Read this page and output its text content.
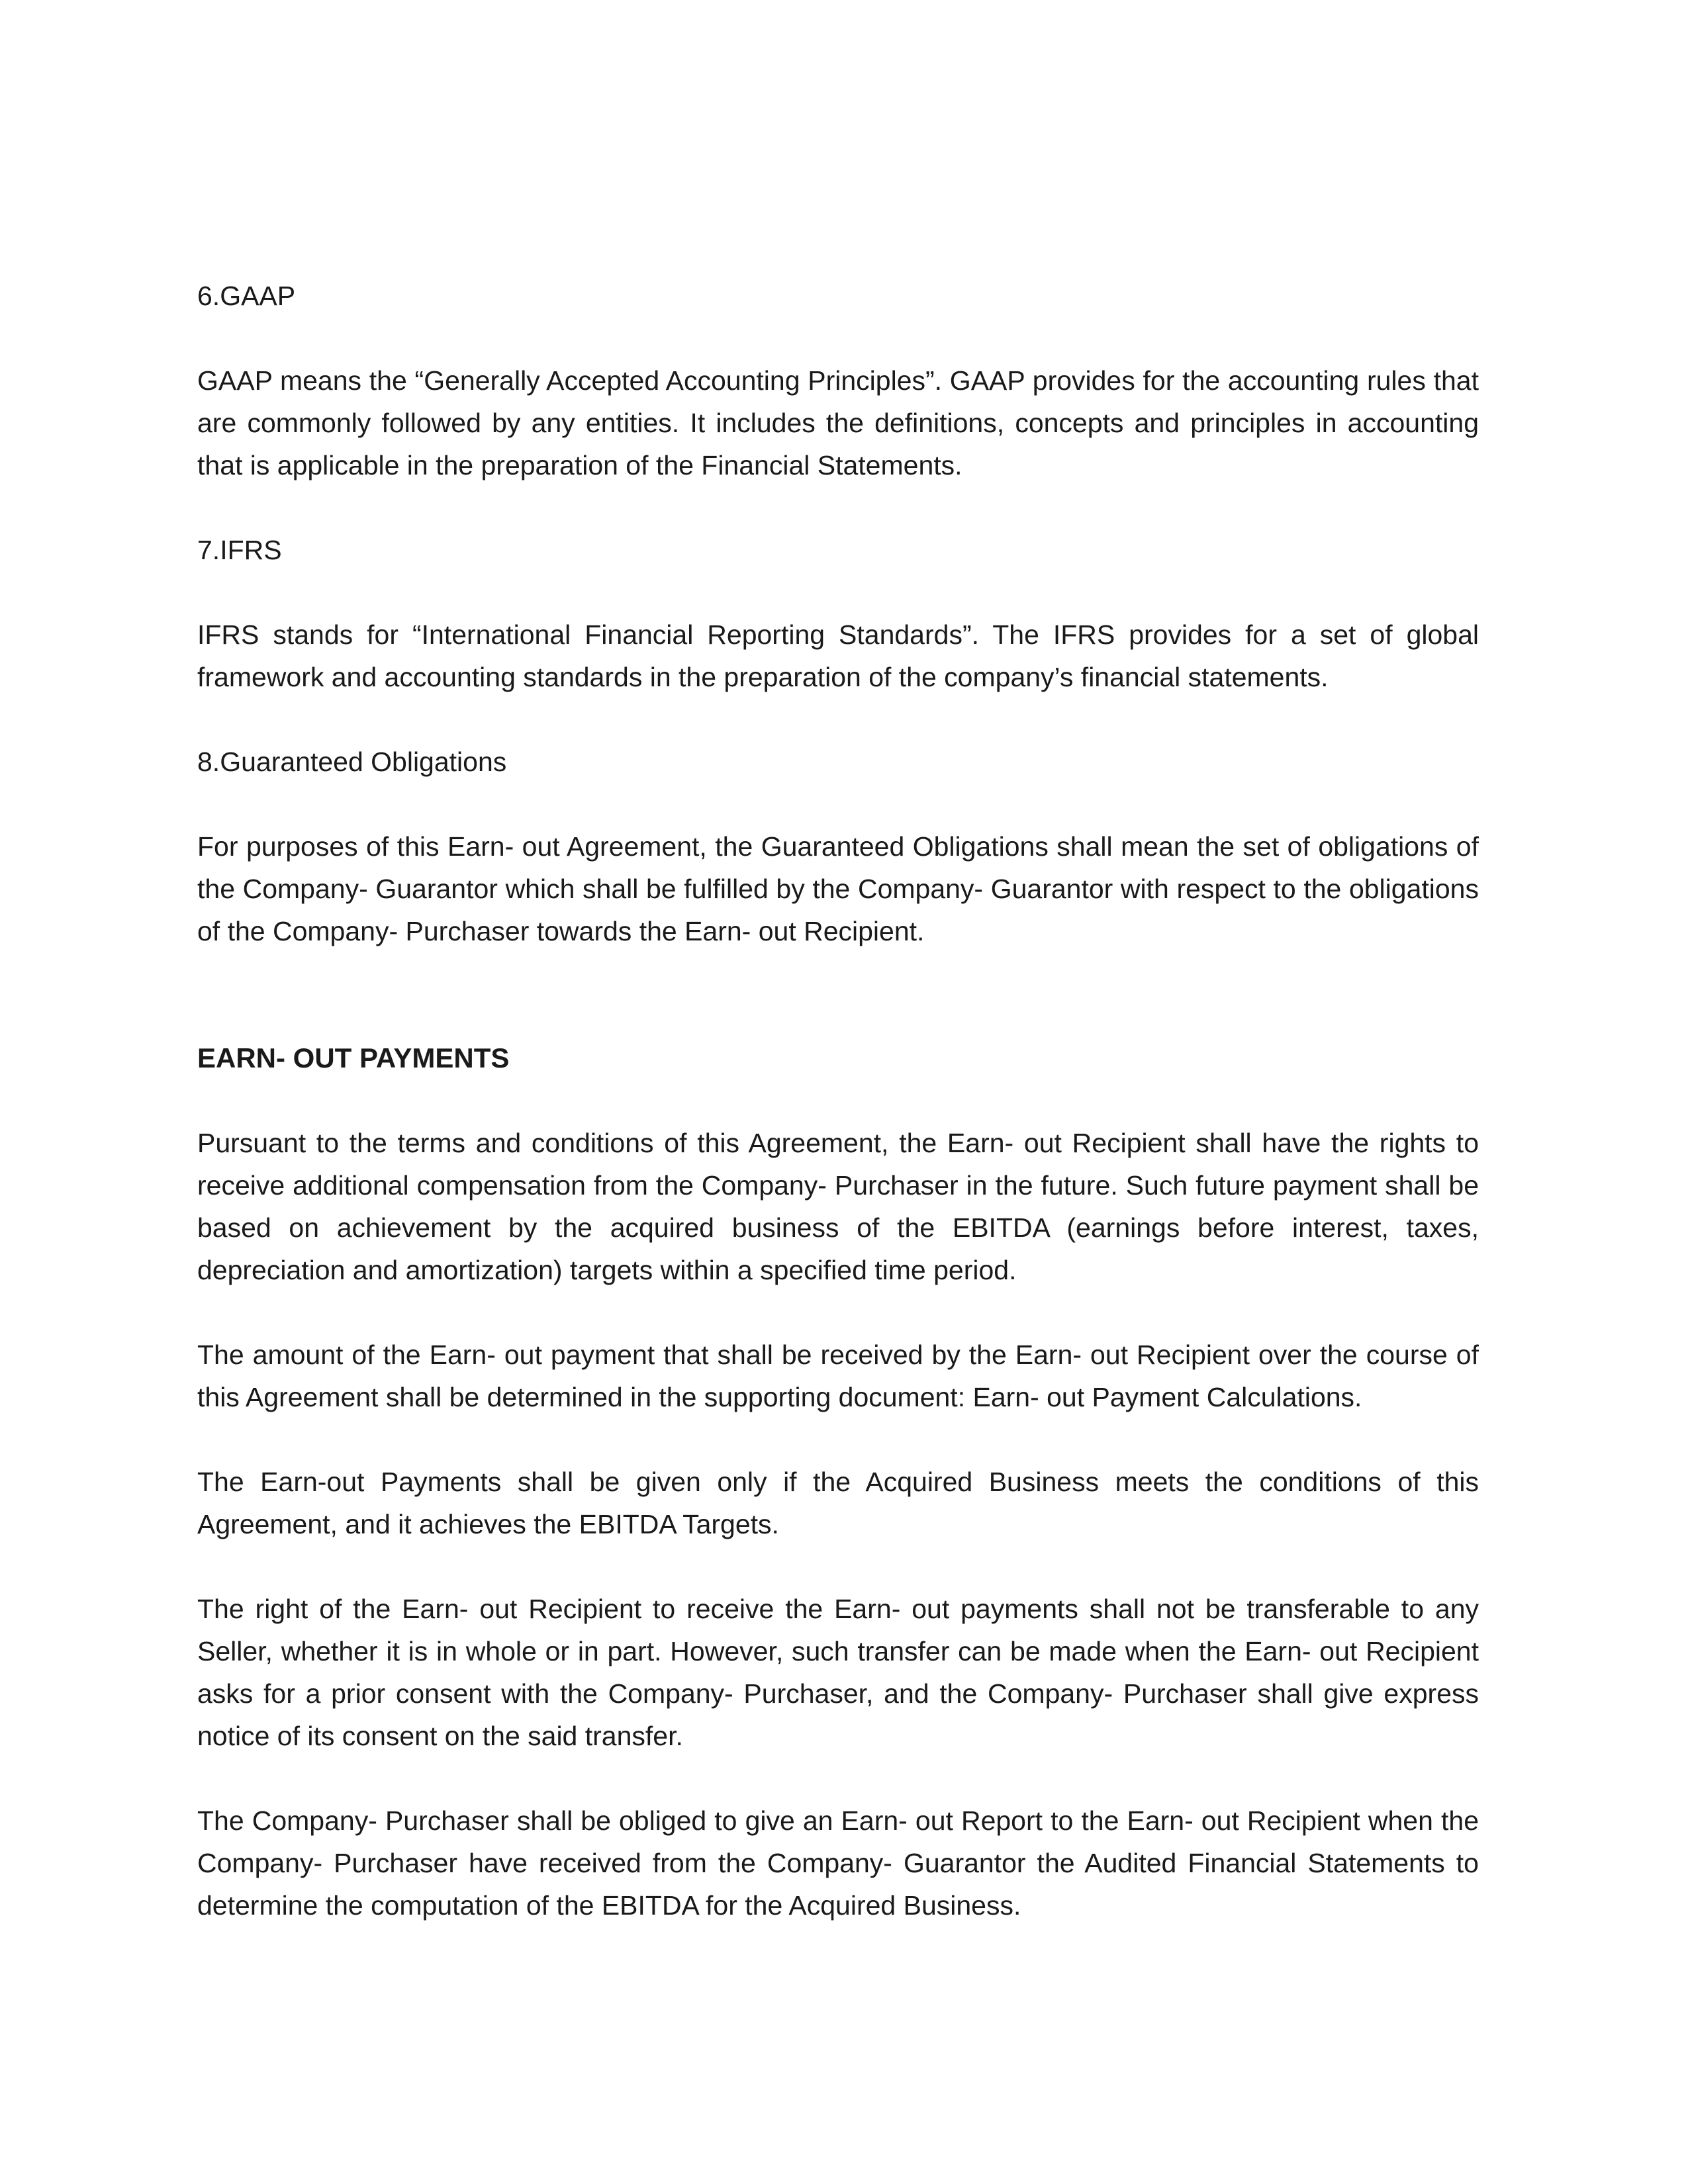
6.GAAP

GAAP means the “Generally Accepted Accounting Principles”. GAAP provides for the accounting rules that are commonly followed by any entities. It includes the definitions, concepts and principles in accounting that is applicable in the preparation of the Financial Statements.

7.IFRS

IFRS stands for “International Financial Reporting Standards”. The IFRS provides for a set of global framework and accounting standards in the preparation of the company’s financial statements.

8.Guaranteed Obligations

For purposes of this Earn- out Agreement, the Guaranteed Obligations shall mean the set of obligations of the Company- Guarantor which shall be fulfilled by the Company- Guarantor with respect to the obligations of the Company- Purchaser towards the Earn- out Recipient.

EARN- OUT PAYMENTS

Pursuant to the terms and conditions of this Agreement, the Earn- out Recipient shall have the rights to receive additional compensation from the Company- Purchaser in the future. Such future payment shall be based on achievement by the acquired business of the EBITDA (earnings before interest, taxes, depreciation and amortization) targets within a specified time period.

The amount of the Earn- out payment that shall be received by the Earn- out Recipient over the course of this Agreement shall be determined in the supporting document: Earn- out Payment Calculations.

The Earn-out Payments shall be given only if the Acquired Business meets the conditions of this Agreement, and it achieves the EBITDA Targets.

The right of the Earn- out Recipient to receive the Earn- out payments shall not be transferable to any Seller, whether it is in whole or in part. However, such transfer can be made when the Earn- out Recipient asks for a prior consent with the Company- Purchaser, and the Company- Purchaser shall give express notice of its consent on the said transfer.

The Company- Purchaser shall be obliged to give an Earn- out Report to the Earn- out Recipient when the Company- Purchaser have received from the Company- Guarantor the Audited Financial Statements to determine the computation of the EBITDA for the Acquired Business.
